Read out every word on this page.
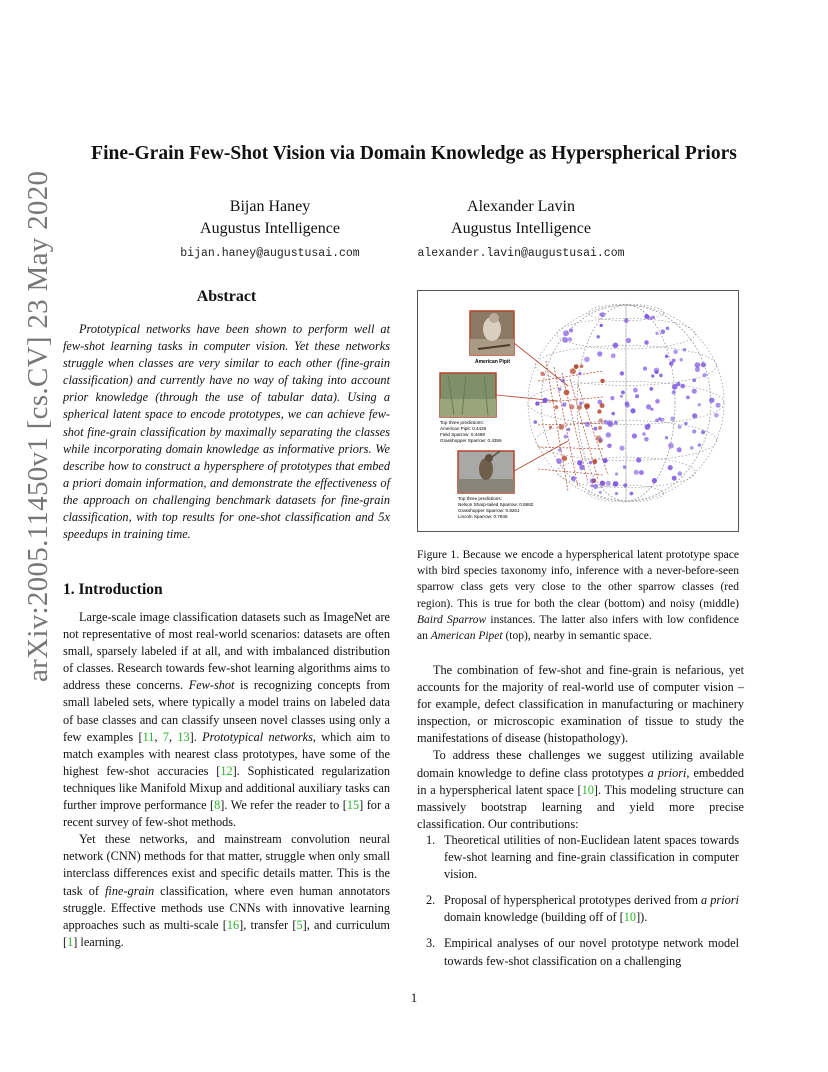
arXiv:2005.11450v1 [cs.CV] 23 May 2020
Fine-Grain Few-Shot Vision via Domain Knowledge as Hyperspherical Priors
Bijan Haney
Augustus Intelligence
bijan.haney@augustusai.com
Alexander Lavin
Augustus Intelligence
alexander.lavin@augustusai.com
Abstract

Prototypical networks have been shown to perform well at few-shot learning tasks in computer vision. Yet these networks struggle when classes are very similar to each other (fine-grain classification) and currently have no way of taking into account prior knowledge (through the use of tabular data). Using a spherical latent space to encode prototypes, we can achieve few-shot fine-grain classification by maximally separating the classes while incorporating domain knowledge as informative priors. We describe how to construct a hypersphere of prototypes that embed a priori domain information, and demonstrate the effectiveness of the approach on challenging benchmark datasets for fine-grain classification, with top results for one-shot classification and 5x speedups in training time.

1. Introduction

Large-scale image classification datasets such as ImageNet are not representative of most real-world scenarios: datasets are often small, sparsely labeled if at all, and with imbalanced distribution of classes. Research towards few-shot learning algorithms aims to address these concerns. Few-shot is recognizing concepts from small labeled sets, where typically a model trains on labeled data of base classes and can classify unseen novel classes using only a few examples [11, 7, 13]. Prototypical networks, which aim to match examples with nearest class prototypes, have some of the highest few-shot accuracies [12]. Sophisticated regularization techniques like Manifold Mixup and additional auxiliary tasks can further improve performance [8]. We refer the reader to [15] for a recent survey of few-shot methods.

Yet these networks, and mainstream convolution neural network (CNN) methods for that matter, struggle when only small interclass differences exist and specific details matter. This is the task of fine-grain classification, where even human annotators struggle. Effective methods use CNNs with innovative learning approaches such as multi-scale [16], transfer [5], and curriculum [1] learning.

American Pipit
Top three predictions:
American Pipit: 0.4426
Field Sparrow: 0.4489
Grasshopper Sparrow: 0.4359
Top three predictions:
Nelson Sharp-tailed Sparrow: 0.8682
Grasshopper Sparrow: 0.8261
Lincoln Sparrow: 0.7846

Figure 1. Because we encode a hyperspherical latent prototype space with bird species taxonomy info, inference with a never-before-seen sparrow class gets very close to the other sparrow classes (red region). This is true for both the clear (bottom) and noisy (middle) Baird Sparrow instances. The latter also infers with low confidence an American Pipet (top), nearby in semantic space.

The combination of few-shot and fine-grain is nefarious, yet accounts for the majority of real-world use of computer vision – for example, defect classification in manufacturing or machinery inspection, or microscopic examination of tissue to study the manifestations of disease (histopathology).

To address these challenges we suggest utilizing available domain knowledge to define class prototypes a priori, embedded in a hyperspherical latent space [10]. This modeling structure can massively bootstrap learning and yield more precise classification. Our contributions:

1. Theoretical utilities of non-Euclidean latent spaces towards few-shot learning and fine-grain classification in computer vision.
2. Proposal of hyperspherical prototypes derived from a priori domain knowledge (building off of [10]).
3. Empirical analyses of our novel prototype network model towards few-shot classification on a challenging
1
